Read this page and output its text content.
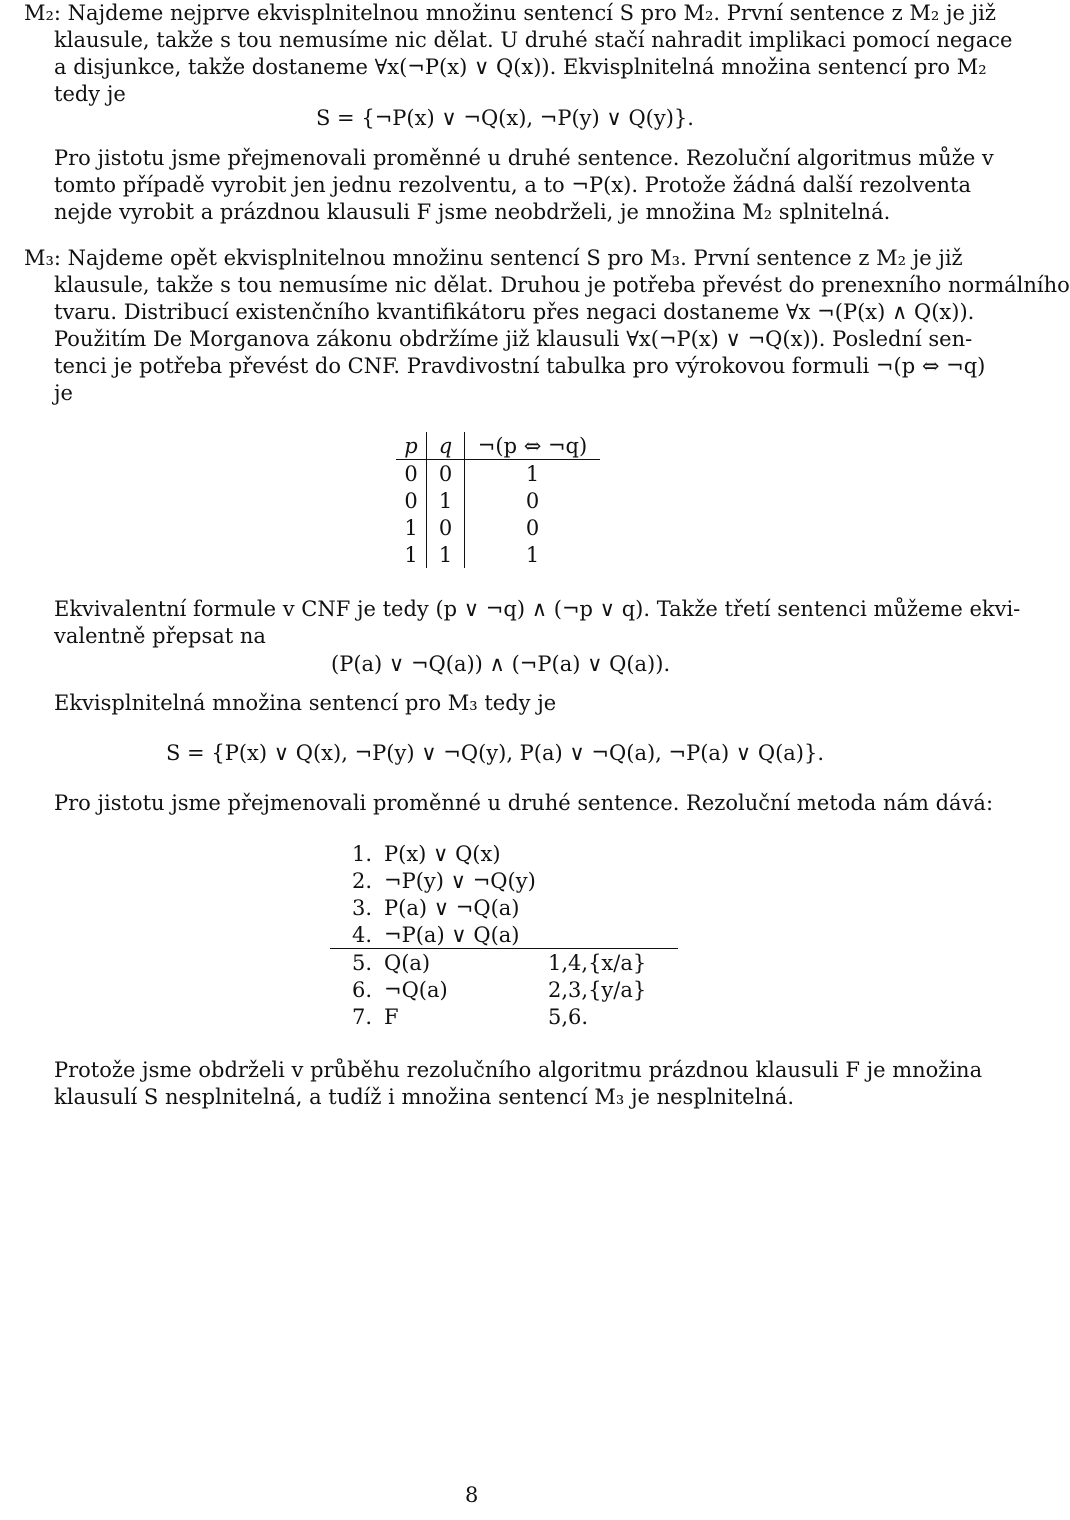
M₂: Najdeme nejprve ekvisplnitelnou množinu sentencí S pro M₂. První sentence z M₂ je již
klausule, takže s tou nemusíme nic dělat. U druhé stačí nahradit implikaci pomocí negace
a disjunkce, takže dostaneme ∀x(¬P(x) ∨ Q(x)). Ekvisplnitelná množina sentencí pro M₂
tedy je
S = {¬P(x) ∨ ¬Q(x), ¬P(y) ∨ Q(y)}.
Pro jistotu jsme přejmenovali proměnné u druhé sentence. Rezoluční algoritmus může v
tomto případě vyrobit jen jednu rezolventu, a to ¬P(x). Protože žádná další rezolventa
nejde vyrobit a prázdnou klausuli F jsme neobdrželi, je množina M₂ splnitelná.
M₃: Najdeme opět ekvisplnitelnou množinu sentencí S pro M₃. První sentence z M₂ je již
klausule, takže s tou nemusíme nic dělat. Druhou je potřeba převést do prenexního normálního
tvaru. Distribucí existenčního kvantifikátoru přes negaci dostaneme ∀x ¬(P(x) ∧ Q(x)).
Použitím De Morganova zákonu obdržíme již klausuli ∀x(¬P(x) ∨ ¬Q(x)). Poslední sen-
tenci je potřeba převést do CNF. Pravdivostní tabulka pro výrokovou formuli ¬(p ⇔ ¬q)
je
p	q	¬(p ⇔ ¬q)
0	0	1
0	1	0
1	0	0
1	1	1
Ekvivalentní formule v CNF je tedy (p ∨ ¬q) ∧ (¬p ∨ q). Takže třetí sentenci můžeme ekvi-
valentně přepsat na
(P(a) ∨ ¬Q(a)) ∧ (¬P(a) ∨ Q(a)).
Ekvisplnitelná množina sentencí pro M₃ tedy je
S = {P(x) ∨ Q(x), ¬P(y) ∨ ¬Q(y), P(a) ∨ ¬Q(a), ¬P(a) ∨ Q(a)}.
Pro jistotu jsme přejmenovali proměnné u druhé sentence. Rezoluční metoda nám dává:
1.	P(x) ∨ Q(x)	
2.	¬P(y) ∨ ¬Q(y)	
3.	P(a) ∨ ¬Q(a)	
4.	¬P(a) ∨ Q(a)	
5.	Q(a)	1,4,{x/a}
6.	¬Q(a)	2,3,{y/a}
7.	F	5,6.
Protože jsme obdrželi v průběhu rezolučního algoritmu prázdnou klausuli F je množina
klausulí S nesplnitelná, a tudíž i množina sentencí M₃ je nesplnitelná.
8
